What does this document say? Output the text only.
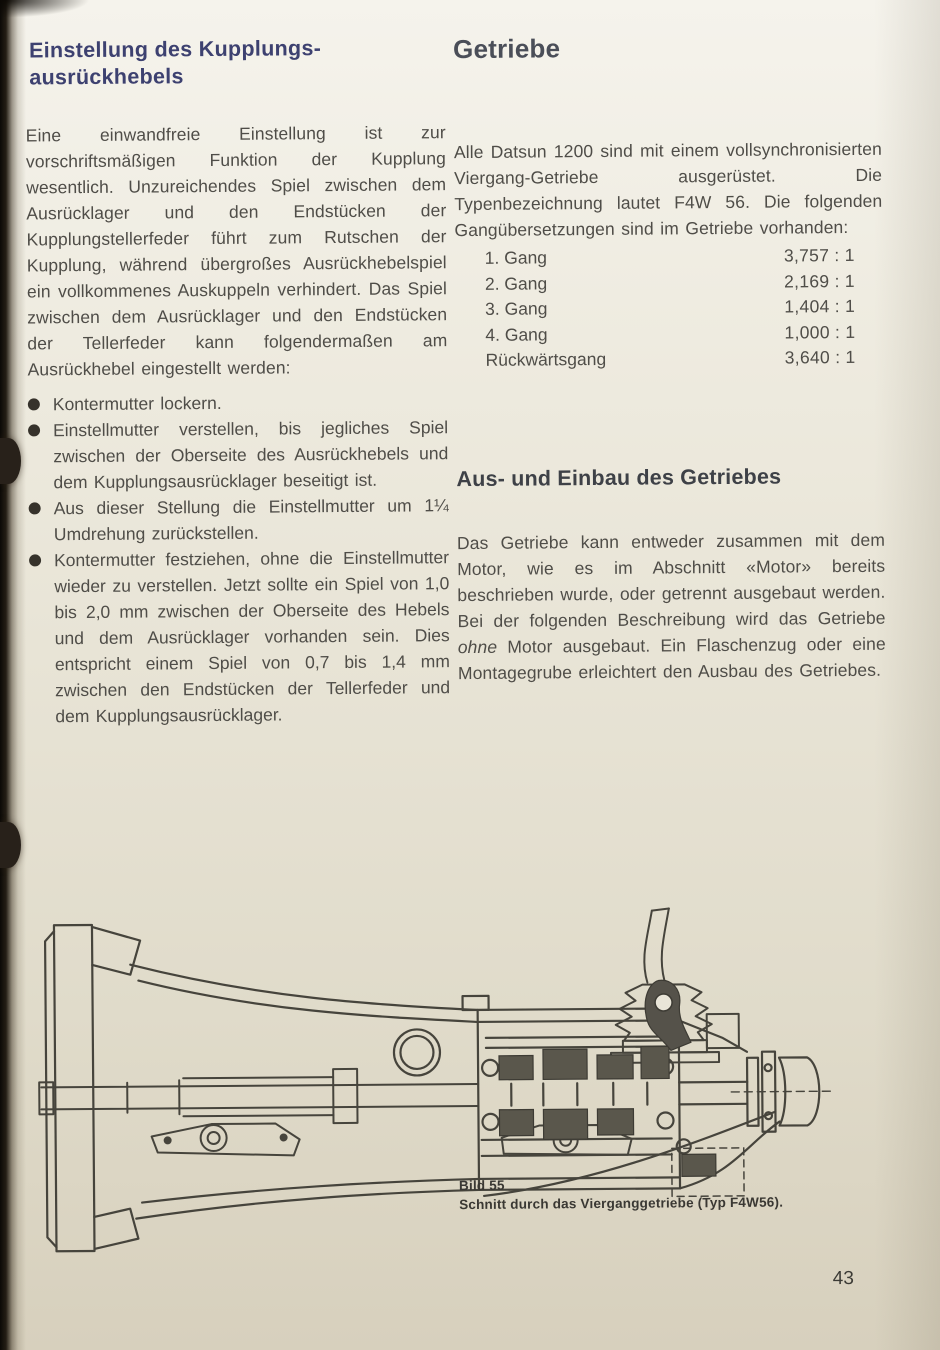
Einstellung des Kupplungs-
ausrückhebels

Eine einwandfreie Einstellung ist zur vorschriftsmäßigen Funktion der Kupplung wesentlich. Unzureichendes Spiel zwischen dem Ausrücklager und den Endstücken der Kupplungstellerfeder führt zum Rutschen der Kupplung, während übergroßes Ausrückhebelspiel ein vollkommenes Auskuppeln verhindert. Das Spiel zwischen dem Ausrücklager und den Endstücken der Tellerfeder kann folgendermaßen am Ausrückhebel eingestellt werden:

Kontermutter lockern.
Einstellmutter verstellen, bis jegliches Spiel zwischen der Oberseite des Ausrückhebels und dem Kupplungsausrücklager beseitigt ist.
Aus dieser Stellung die Einstellmutter um 1¼ Umdrehung zurückstellen.
Kontermutter festziehen, ohne die Einstellmutter wieder zu verstellen. Jetzt sollte ein Spiel von 1,0 bis 2,0 mm zwischen der Oberseite des Hebels und dem Ausrücklager vorhanden sein. Dies entspricht einem Spiel von 0,7 bis 1,4 mm zwischen den Endstücken der Tellerfeder und dem Kupplungsausrücklager.
Getriebe

Alle Datsun 1200 sind mit einem vollsynchronisierten Viergang-Getriebe ausgerüstet. Die Typenbezeichnung lautet F4W 56. Die folgenden Gangübersetzungen sind im Getriebe vorhanden:

1. Gang	3,757 : 1
2. Gang	2,169 : 1
3. Gang	1,404 : 1
4. Gang	1,000 : 1
Rückwärtsgang	3,640 : 1
Aus- und Einbau des Getriebes

Das Getriebe kann entweder zusammen mit dem Motor, wie es im Abschnitt «Motor» bereits beschrieben wurde, oder getrennt ausgebaut werden. Bei der folgenden Beschreibung wird das Getriebe ohne Motor ausgebaut. Ein Flaschenzug oder eine Montagegrube erleichtert den Ausbau des Getriebes.

Bild 55
Schnitt durch das Vierganggetriebe (Typ F4W56).
43
